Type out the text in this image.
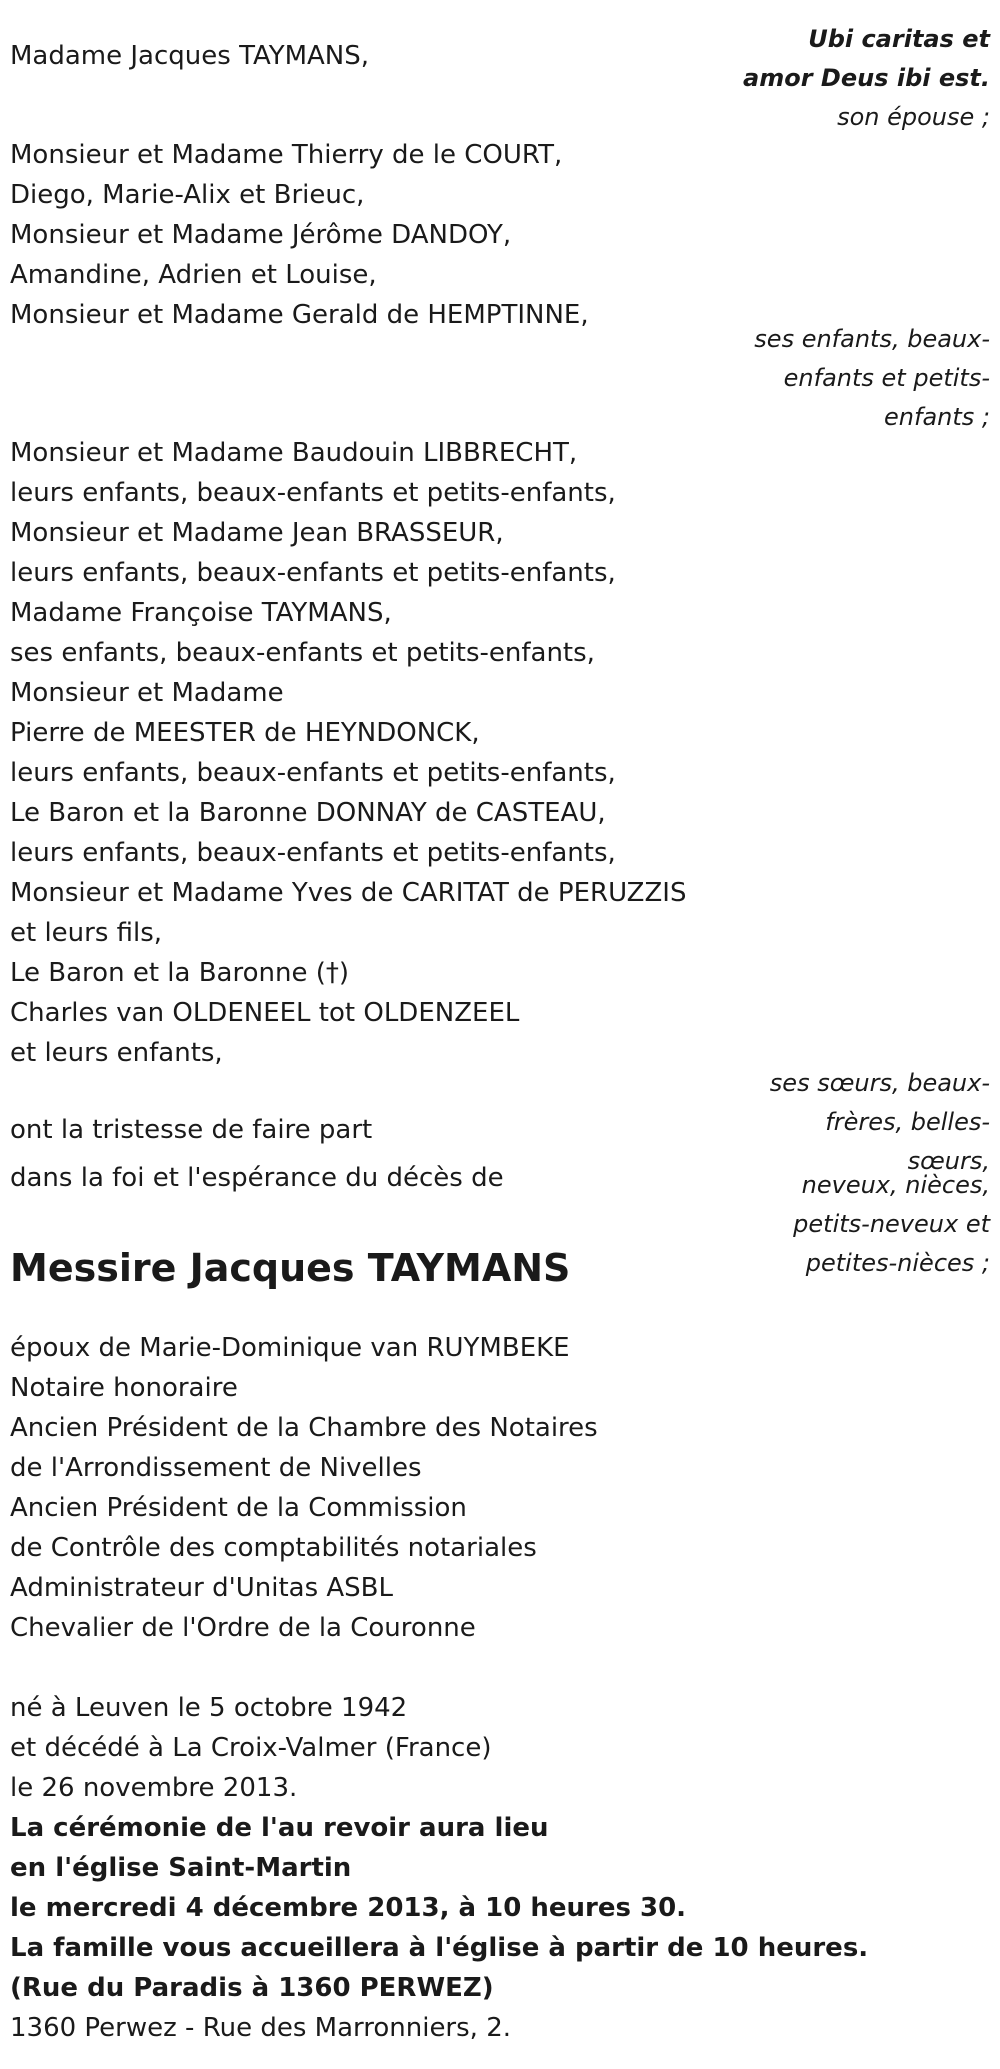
Madame Jacques TAYMANS,

Ubi caritas et

amor Deus ibi est.

son épouse ;

Monsieur et Madame Thierry de le COURT,
Diego, Marie-Alix et Brieuc,
Monsieur et Madame Jérôme DANDOY,
Amandine, Adrien et Louise,
Monsieur et Madame Gerald de HEMPTINNE,

ses enfants, beaux-enfants et petits-enfants ;

Monsieur et Madame Baudouin LIBBRECHT,
leurs enfants, beaux-enfants et petits-enfants,
Monsieur et Madame Jean BRASSEUR,
leurs enfants, beaux-enfants et petits-enfants,
Madame Françoise TAYMANS,
ses enfants, beaux-enfants et petits-enfants,
Monsieur et Madame
Pierre de MEESTER de HEYNDONCK,
leurs enfants, beaux-enfants et petits-enfants,
Le Baron et la Baronne DONNAY de CASTEAU,
leurs enfants, beaux-enfants et petits-enfants,
Monsieur et Madame Yves de CARITAT de PERUZZIS
et leurs fils,
Le Baron et la Baronne (†)
Charles van OLDENEEL tot OLDENZEEL
et leurs enfants,

ses sœurs, beaux-frères, belles-sœurs,

neveux, nièces, petits-neveux et petites-nièces ;

ont la tristesse de faire part

dans la foi et l'espérance du décès de

Messire Jacques TAYMANS
époux de Marie-Dominique van RUYMBEKE
Notaire honoraire
Ancien Président de la Chambre des Notaires
de l'Arrondissement de Nivelles
Ancien Président de la Commission
de Contrôle des comptabilités notariales
Administrateur d'Unitas ASBL
Chevalier de l'Ordre de la Couronne
né à Leuven le 5 octobre 1942
et décédé à La Croix-Valmer (France)
le 26 novembre 2013.
La cérémonie de l'au revoir aura lieu
en l'église Saint-Martin
le mercredi 4 décembre 2013, à 10 heures 30.
La famille vous accueillera à l'église à partir de 10 heures.
(Rue du Paradis à 1360 PERWEZ)

1360 Perwez - Rue des Marronniers, 2.
